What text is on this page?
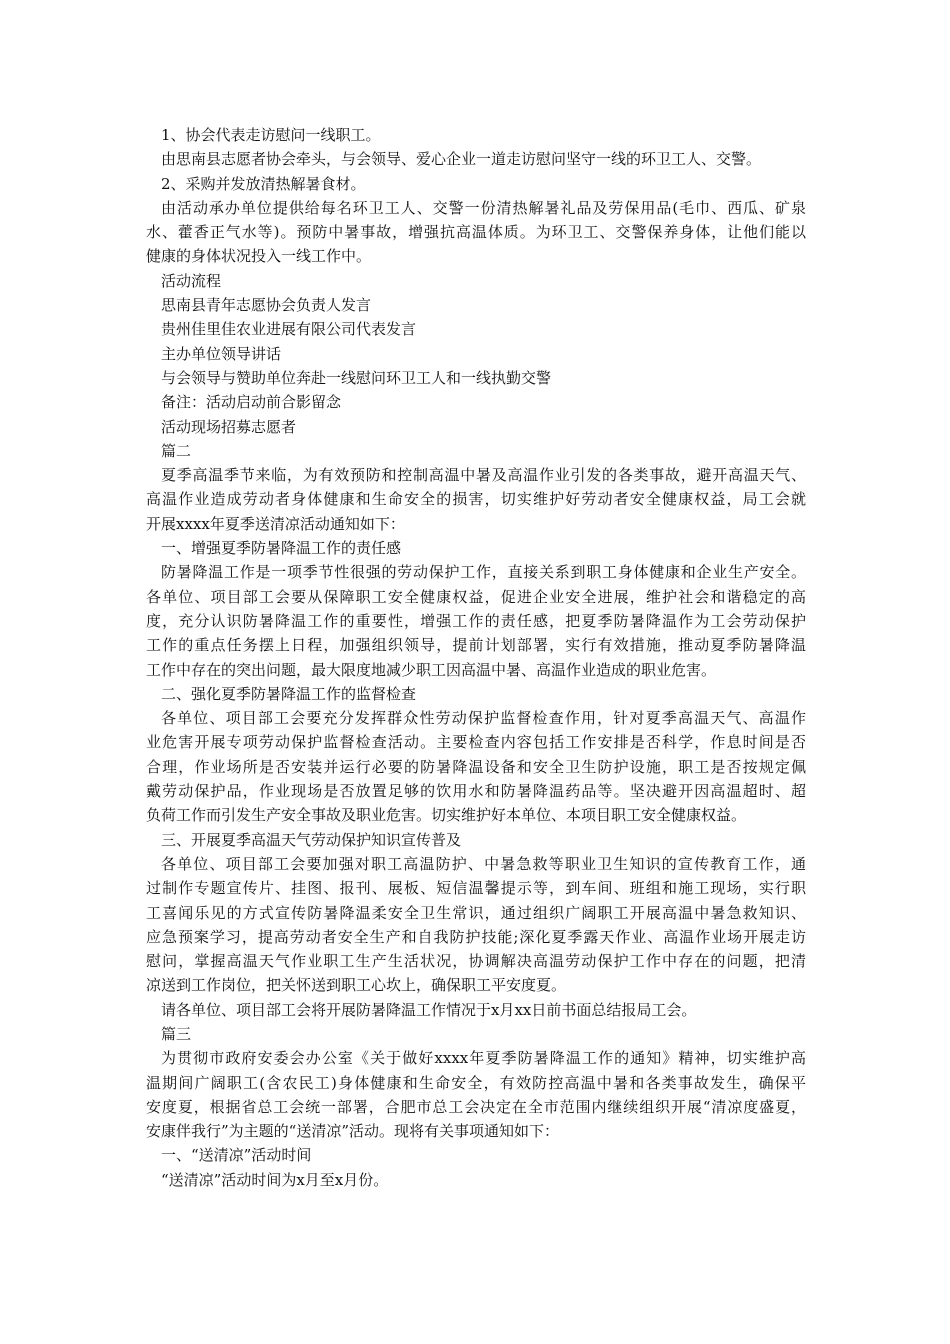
1、协会代表走访慰问一线职工。
由思南县志愿者协会牵头，与会领导、爱心企业一道走访慰问坚守一线的环卫工人、交警。
2、采购并发放清热解暑食材。
由活动承办单位提供给每名环卫工人、交警一份清热解暑礼品及劳保用品(毛巾、西瓜、矿泉
水、藿香正气水等)。预防中暑事故，增强抗高温体质。为环卫工、交警保养身体，让他们能以
健康的身体状况投入一线工作中。
活动流程
思南县青年志愿协会负责人发言
贵州佳里佳农业进展有限公司代表发言
主办单位领导讲话
与会领导与赞助单位奔赴一线慰问环卫工人和一线执勤交警
备注：活动启动前合影留念
活动现场招募志愿者
篇二
夏季高温季节来临，为有效预防和控制高温中暑及高温作业引发的各类事故，避开高温天气、
高温作业造成劳动者身体健康和生命安全的损害，切实维护好劳动者安全健康权益，局工会就
开展xxxx年夏季送清凉活动通知如下：
一、增强夏季防暑降温工作的责任感
防暑降温工作是一项季节性很强的劳动保护工作，直接关系到职工身体健康和企业生产安全。
各单位、项目部工会要从保障职工安全健康权益，促进企业安全进展，维护社会和谐稳定的高
度，充分认识防暑降温工作的重要性，增强工作的责任感，把夏季防暑降温作为工会劳动保护
工作的重点任务摆上日程，加强组织领导，提前计划部署，实行有效措施，推动夏季防暑降温
工作中存在的突出问题，最大限度地减少职工因高温中暑、高温作业造成的职业危害。
二、强化夏季防暑降温工作的监督检查
各单位、项目部工会要充分发挥群众性劳动保护监督检查作用，针对夏季高温天气、高温作
业危害开展专项劳动保护监督检查活动。主要检查内容包括工作安排是否科学，作息时间是否
合理，作业场所是否安装并运行必要的防暑降温设备和安全卫生防护设施，职工是否按规定佩
戴劳动保护品，作业现场是否放置足够的饮用水和防暑降温药品等。坚决避开因高温超时、超
负荷工作而引发生产安全事故及职业危害。切实维护好本单位、本项目职工安全健康权益。
三、开展夏季高温天气劳动保护知识宣传普及
各单位、项目部工会要加强对职工高温防护、中暑急救等职业卫生知识的宣传教育工作，通
过制作专题宣传片、挂图、报刊、展板、短信温馨提示等，到车间、班组和施工现场，实行职
工喜闻乐见的方式宣传防暑降温柔安全卫生常识，通过组织广阔职工开展高温中暑急救知识、
应急预案学习，提高劳动者安全生产和自我防护技能;深化夏季露天作业、高温作业场开展走访
慰问，掌握高温天气作业职工生产生活状况，协调解决高温劳动保护工作中存在的问题，把清
凉送到工作岗位，把关怀送到职工心坎上，确保职工平安度夏。
请各单位、项目部工会将开展防暑降温工作情况于x月xx日前书面总结报局工会。
篇三
为贯彻市政府安委会办公室《关于做好xxxx年夏季防暑降温工作的通知》精神，切实维护高
温期间广阔职工(含农民工)身体健康和生命安全，有效防控高温中暑和各类事故发生，确保平
安度夏，根据省总工会统一部署，合肥市总工会决定在全市范围内继续组织开展“清凉度盛夏，
安康伴我行”为主题的“送清凉”活动。现将有关事项通知如下：
一、“送清凉”活动时间
“送清凉”活动时间为x月至x月份。
